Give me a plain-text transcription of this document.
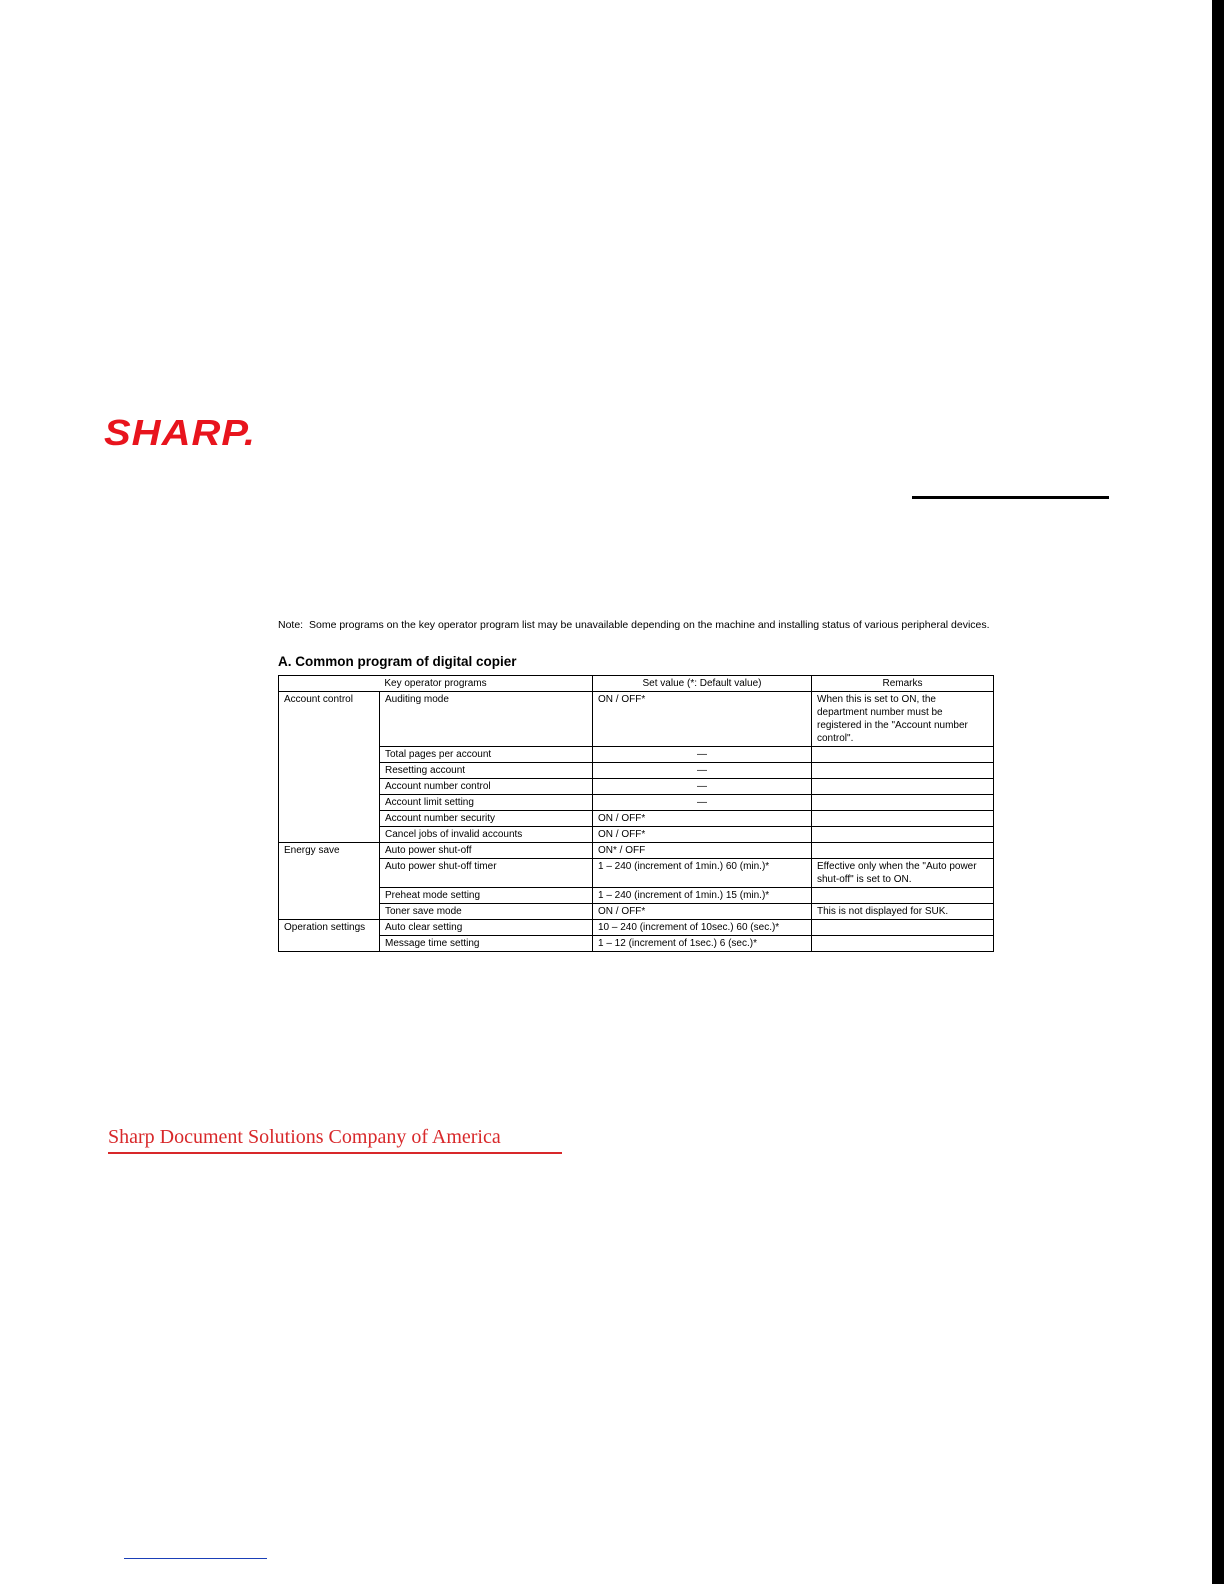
SHARP.
Note: Some programs on the key operator program list may be unavailable depending on the machine and installing status of various peripheral devices.
A. Common program of digital copier
Key operator programs		Set value (*: Default value)	Remarks
Account control	Auditing mode	ON / OFF*	When this is set to ON, the department number must be registered in the "Account number control".
	Total pages per account	—	
	Resetting account	—	
	Account number control	—	
	Account limit setting	—	
	Account number security	ON / OFF*	
	Cancel jobs of invalid accounts	ON / OFF*	
Energy save	Auto power shut-off	ON* / OFF	
	Auto power shut-off timer	1 – 240 (increment of 1min.) 60 (min.)*	Effective only when the "Auto power shut-off" is set to ON.
	Preheat mode setting	1 – 240 (increment of 1min.) 15 (min.)*	
	Toner save mode	ON / OFF*	This is not displayed for SUK.
Operation settings	Auto clear setting	10 – 240 (increment of 10sec.) 60 (sec.)*	
	Message time setting	1 – 12 (increment of 1sec.) 6 (sec.)*	
Sharp Document Solutions Company of America
